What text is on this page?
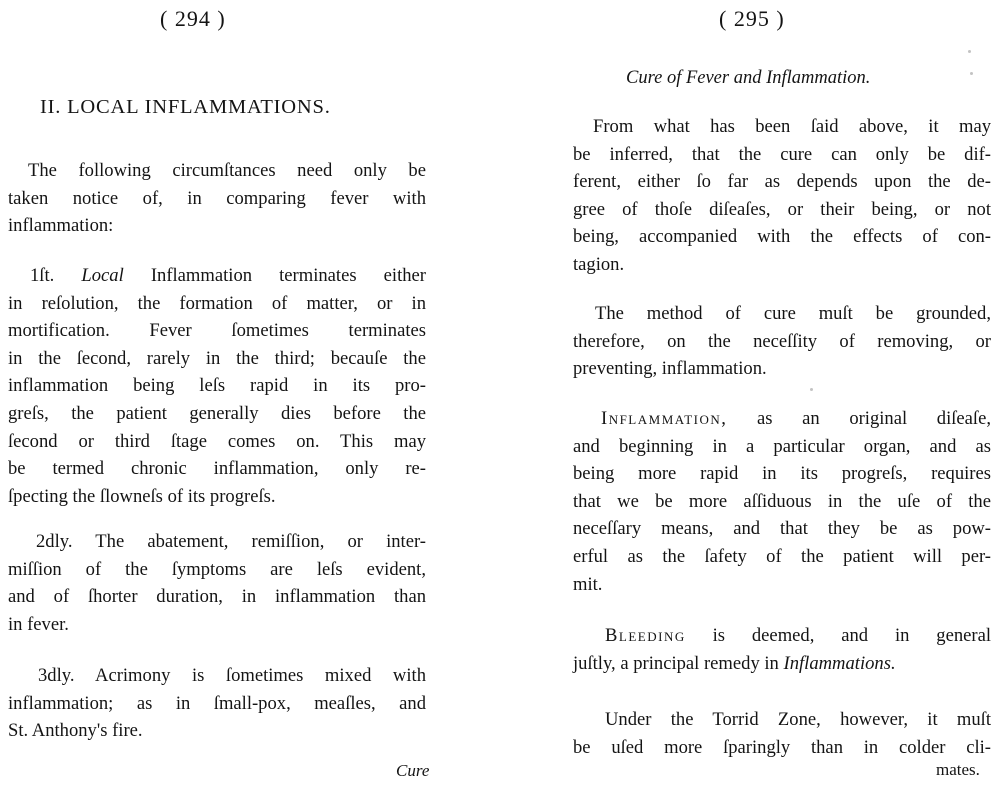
( 294 )
II. LOCAL INFLAMMATIONS.

The following circumſtances need only be
taken notice of, in comparing fever with
inflammation:

1ſt. Local Inflammation terminates either
in reſolution, the formation of matter, or in
mortification. Fever ſometimes terminates
in the ſecond, rarely in the third; becauſe the
inflammation being leſs rapid in its pro-
greſs, the patient generally dies before the
ſecond or third ſtage comes on. This may
be termed chronic inflammation, only re-
ſpecting the ſlowneſs of its progreſs.

2dly. The abatement, remiſſion, or inter-
miſſion of the ſymptoms are leſs evident,
and of ſhorter duration, in inflammation than
in fever.

3dly. Acrimony is ſometimes mixed with
inflammation; as in ſmall-pox, meaſles, and
St. Anthony's fire.

Cure
( 295 )
Cure of Fever and Inflammation.

From what has been ſaid above, it may
be inferred, that the cure can only be dif-
ferent, either ſo far as depends upon the de-
gree of thoſe diſeaſes, or their being, or not
being, accompanied with the effects of con-
tagion.

The method of cure muſt be grounded,
therefore, on the neceſſity of removing, or
preventing, inflammation.

Inflammation, as an original diſeaſe,
and beginning in a particular organ, and as
being more rapid in its progreſs, requires
that we be more aſſiduous in the uſe of the
neceſſary means, and that they be as pow-
erful as the ſafety of the patient will per-
mit.

Bleeding is deemed, and in general
juſtly, a principal remedy in Inflammations.

Under the Torrid Zone, however, it muſt
be uſed more ſparingly than in colder cli-

mates.
